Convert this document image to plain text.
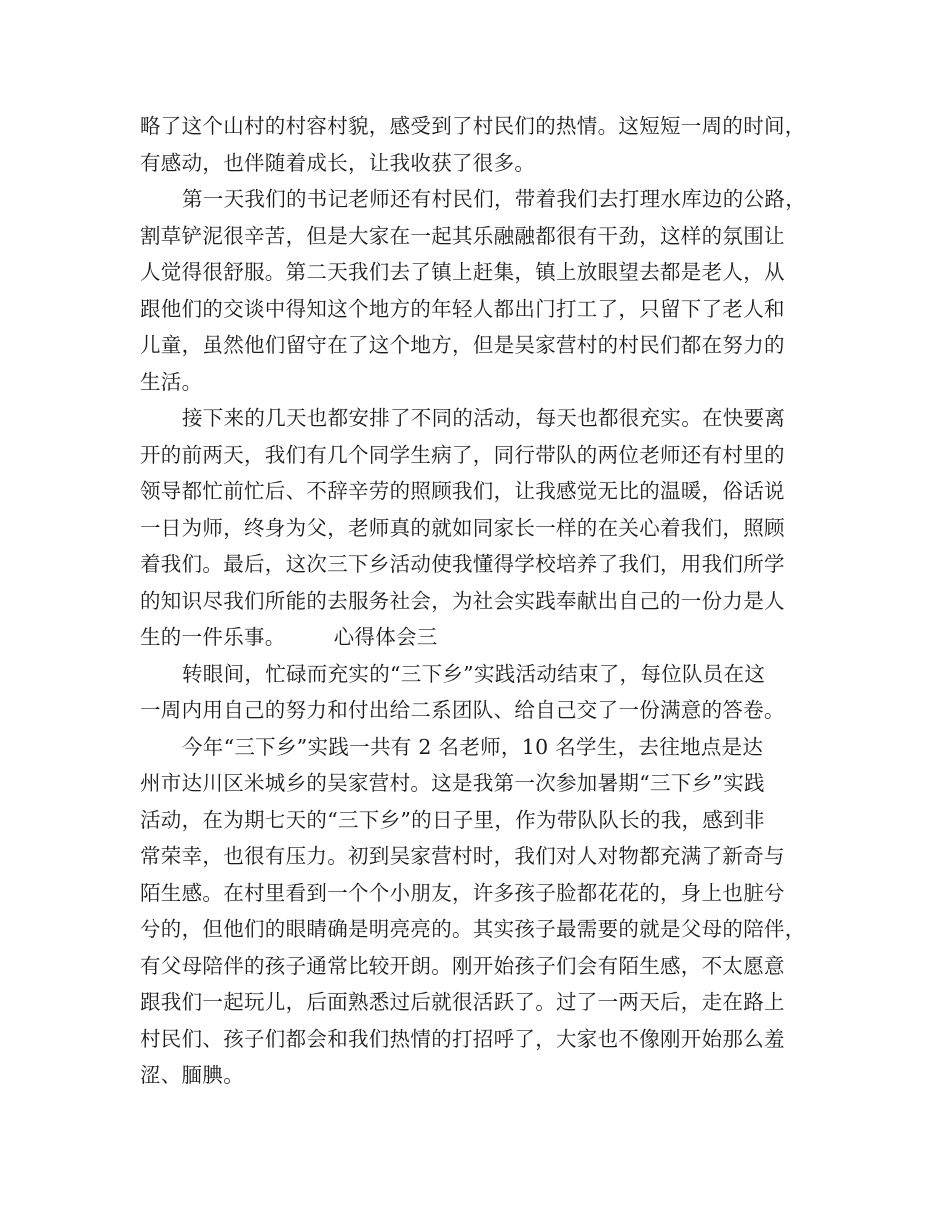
略了这个山村的村容村貌，感受到了村民们的热情。这短短一周的时间，
有感动，也伴随着成长，让我收获了很多。
第一天我们的书记老师还有村民们，带着我们去打理水库边的公路，
割草铲泥很辛苦，但是大家在一起其乐融融都很有干劲，这样的氛围让
人觉得很舒服。第二天我们去了镇上赶集，镇上放眼望去都是老人，从
跟他们的交谈中得知这个地方的年轻人都出门打工了，只留下了老人和
儿童，虽然他们留守在了这个地方，但是吴家营村的村民们都在努力的
生活。
接下来的几天也都安排了不同的活动，每天也都很充实。在快要离
开的前两天，我们有几个同学生病了，同行带队的两位老师还有村里的
领导都忙前忙后、不辞辛劳的照顾我们，让我感觉无比的温暖，俗话说
一日为师，终身为父，老师真的就如同家长一样的在关心着我们，照顾
着我们。最后，这次三下乡活动使我懂得学校培养了我们，用我们所学
的知识尽我们所能的去服务社会，为社会实践奉献出自己的一份力是人
生的一件乐事。 心得体会三
转眼间，忙碌而充实的“三下乡”实践活动结束了，每位队员在这
一周内用自己的努力和付出给二系团队、给自己交了一份满意的答卷。
今年“三下乡”实践一共有 2 名老师，10 名学生，去往地点是达
州市达川区米城乡的吴家营村。这是我第一次参加暑期“三下乡”实践
活动，在为期七天的“三下乡”的日子里，作为带队队长的我，感到非
常荣幸，也很有压力。初到吴家营村时，我们对人对物都充满了新奇与
陌生感。在村里看到一个个小朋友，许多孩子脸都花花的，身上也脏兮
兮的，但他们的眼睛确是明亮亮的。其实孩子最需要的就是父母的陪伴，
有父母陪伴的孩子通常比较开朗。刚开始孩子们会有陌生感，不太愿意
跟我们一起玩儿，后面熟悉过后就很活跃了。过了一两天后，走在路上
村民们、孩子们都会和我们热情的打招呼了，大家也不像刚开始那么羞
涩、腼腆。
